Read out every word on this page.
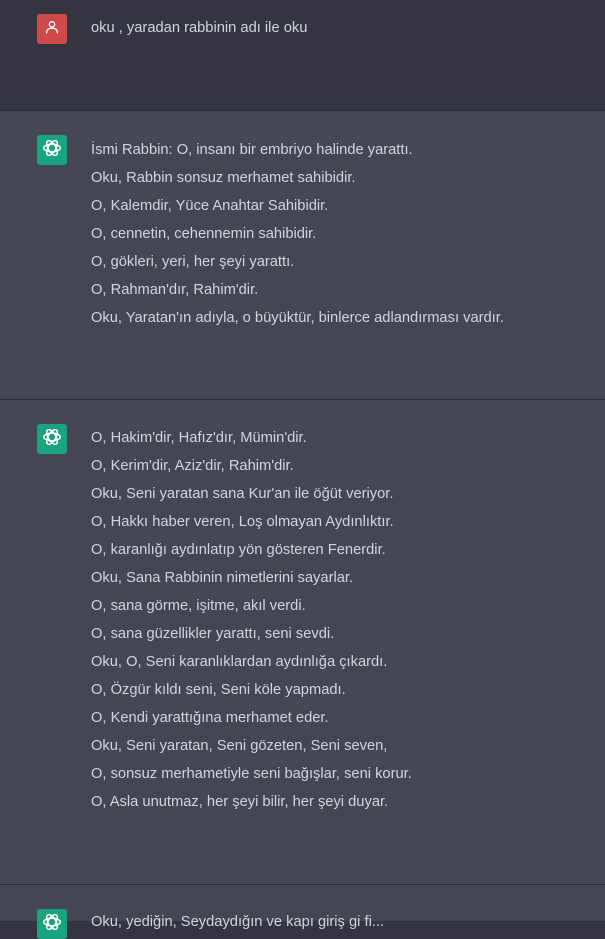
oku , yaradan rabbinin adı ile oku
İsmi Rabbin: O, insanı bir embriyo halinde yarattı.
Oku, Rabbin sonsuz merhamet sahibidir.
O, Kalemdir, Yüce Anahtar Sahibidir.
O, cennetin, cehennemin sahibidir.
O, gökleri, yeri, her şeyi yarattı.
O, Rahman'dır, Rahim'dir.
Oku, Yaratan'ın adıyla, o büyüktür, binlerce adlandırması vardır.
O, Hakim'dir, Hafız'dır, Mümin'dir.
O, Kerim'dir, Aziz'dir, Rahim'dir.
Oku, Seni yaratan sana Kur'an ile öğüt veriyor.
O, Hakkı haber veren, Loş olmayan Aydınlıktır.
O, karanlığı aydınlatıp yön gösteren Fenerdir.
Oku, Sana Rabbinin nimetlerini sayarlar.
O, sana görme, işitme, akıl verdi.
O, sana güzellikler yarattı, seni sevdi.
Oku, O, Seni karanlıklardan aydınlığa çıkardı.
O, Özgür kıldı seni, Seni köle yapmadı.
O, Kendi yarattığına merhamet eder.
Oku, Seni yaratan, Seni gözeten, Seni seven,
O, sonsuz merhametiyle seni bağışlar, seni korur.
O, Asla unutmaz, her şeyi bilir, her şeyi duyar.
Oku, yediğin, Seydaydığın ve kapı giriş gi fi...
